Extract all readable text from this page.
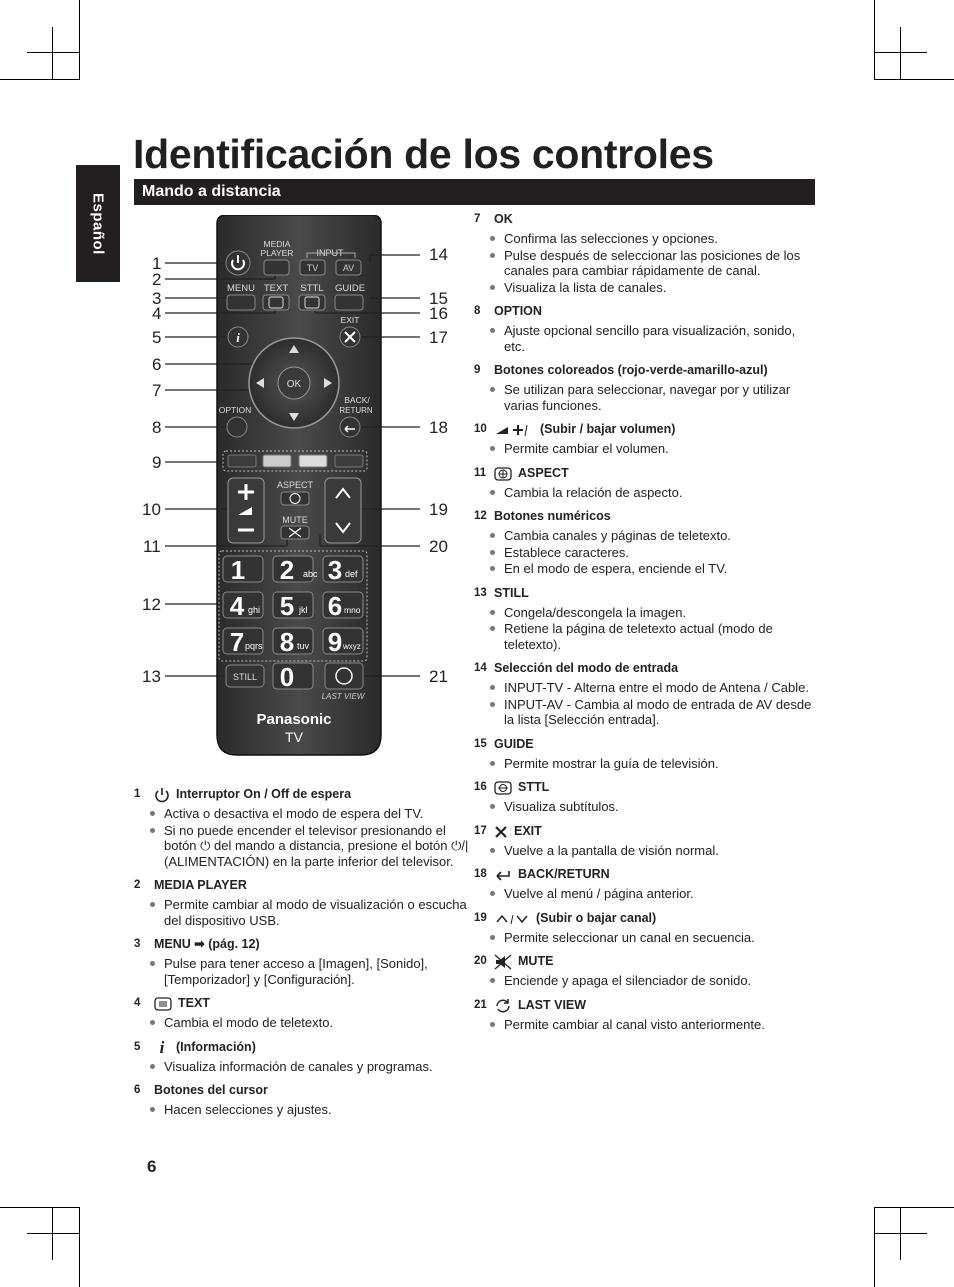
Español
Identificación de los controles
Mando a distancia
MEDIA
PLAYER	INPUT
TV	AV
MENU TEXT STTL GUIDE
i
EXIT
OK
OPTION
BACK/
RETURN
ASPECT
MUTE
1 2 abc 3 def
4 ghi 5 jkl 6 mno
7 pqrs 8 tuv 9 wxyz
STILL 0
LAST VIEW
Panasonic
TV
1
2
3
4
5
6
7
8
9
10
11
12
13
14
15
16
17
18
19
20
21
1	Interruptor On / Off de espera
Activa o desactiva el modo de espera del TV.
Si no puede encender el televisor presionando el botón ⏻ del mando a distancia, presione el botón ⏻/| (ALIMENTACIÓN) en la parte inferior del televisor.
2	MEDIA PLAYER
Permite cambiar al modo de visualización o escucha del dispositivo USB.
3	MENU ➡ (pág. 12)
Pulse para tener acceso a [Imagen], [Sonido], [Temporizador] y [Configuración].
4	TEXT
Cambia el modo de teletexto.
5	i (Información)
Visualiza información de canales y programas.
6	Botones del cursor
Hacen selecciones y ajustes.
7	OK
Confirma las selecciones y opciones.
Pulse después de seleccionar las posiciones de los canales para cambiar rápidamente de canal.
Visualiza la lista de canales.
8	OPTION
Ajuste opcional sencillo para visualización, sonido, etc.
9	Botones coloreados (rojo-verde-amarillo-azul)
Se utilizan para seleccionar, navegar por y utilizar varias funciones.
10	(Subir / bajar volumen)
Permite cambiar el volumen.
11	ASPECT
Cambia la relación de aspecto.
12 Botones numéricos
Cambia canales y páginas de teletexto.
Establece caracteres.
En el modo de espera, enciende el TV.
13 STILL
Congela/descongela la imagen.
Retiene la página de teletexto actual (modo de teletexto).
14 Selección del modo de entrada
INPUT-TV - Alterna entre el modo de Antena / Cable.
INPUT-AV - Cambia al modo de entrada de AV desde la lista [Selección entrada].
15 GUIDE
Permite mostrar la guía de televisión.
16 STTL
Visualiza subtítulos.
17 EXIT
Vuelve a la pantalla de visión normal.
18 BACK/RETURN
Vuelve al menú / página anterior.
19	(Subir o bajar canal)
Permite seleccionar un canal en secuencia.
20 MUTE
Enciende y apaga el silenciador de sonido.
21 LAST VIEW
Permite cambiar al canal visto anteriormente.
6
